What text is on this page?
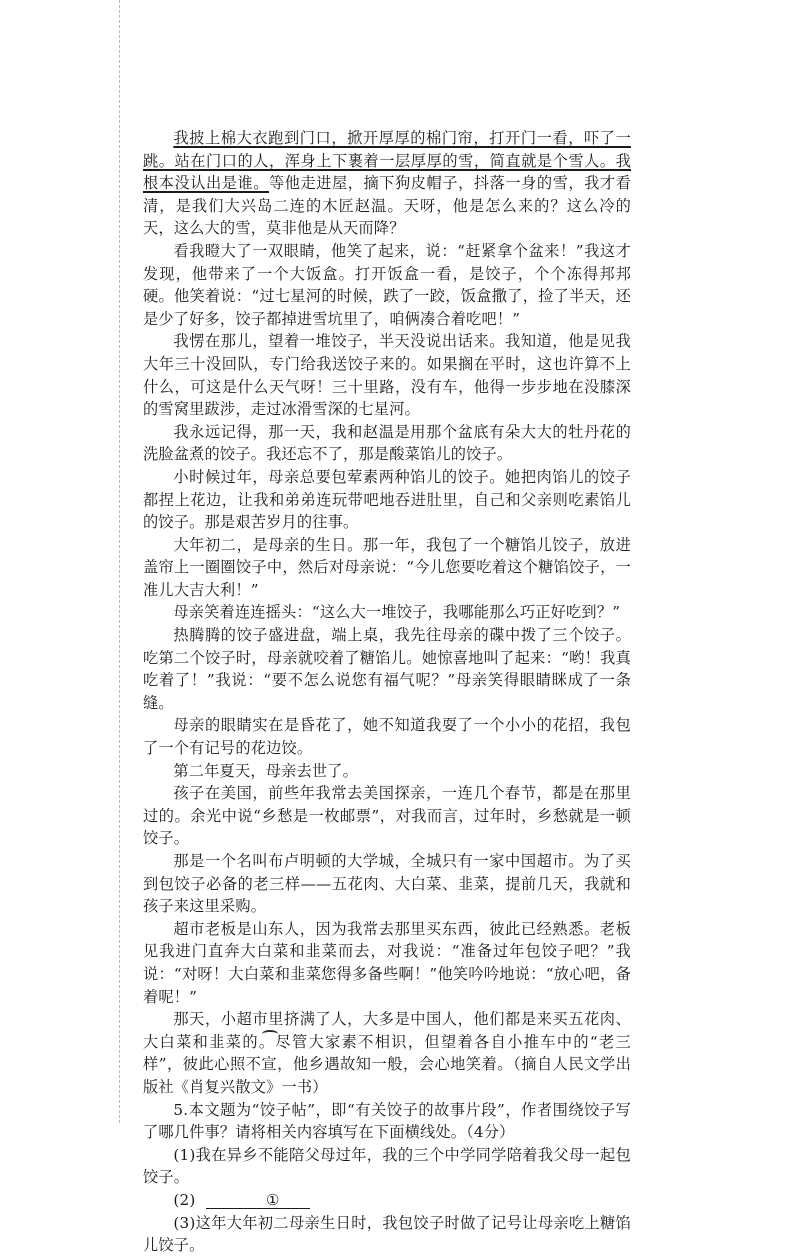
我披上棉大衣跑到门口，掀开厚厚的棉门帘，打开门一看，吓了一跳。站在门口的人，浑身上下裹着一层厚厚的雪，简直就是个雪人。我根本没认出是谁。等他走进屋，摘下狗皮帽子，抖落一身的雪，我才看清，是我们大兴岛二连的木匠赵温。天呀，他是怎么来的？这么冷的天，这么大的雪，莫非他是从天而降？

看我瞪大了一双眼睛，他笑了起来，说：“赶紧拿个盆来！”我这才发现，他带来了一个大饭盒。打开饭盒一看，是饺子，个个冻得邦邦硬。他笑着说：“过七星河的时候，跌了一跤，饭盒撒了，捡了半天，还是少了好多，饺子都掉进雪坑里了，咱俩凑合着吃吧！”

我愣在那儿，望着一堆饺子，半天没说出话来。我知道，他是见我大年三十没回队，专门给我送饺子来的。如果搁在平时，这也许算不上什么，可这是什么天气呀！三十里路，没有车，他得一步步地在没膝深的雪窝里跋涉，走过冰滑雪深的七星河。

我永远记得，那一天，我和赵温是用那个盆底有朵大大的牡丹花的洗脸盆煮的饺子。我还忘不了，那是酸菜馅儿的饺子。

小时候过年，母亲总要包荤素两种馅儿的饺子。她把肉馅儿的饺子都捏上花边，让我和弟弟连玩带吧地吞进肚里，自己和父亲则吃素馅儿的饺子。那是艰苦岁月的往事。

大年初二，是母亲的生日。那一年，我包了一个糖馅儿饺子，放进盖帘上一圈圈饺子中，然后对母亲说：“今儿您要吃着这个糖馅饺子，一准儿大吉大利！”

母亲笑着连连摇头：“这么大一堆饺子，我哪能那么巧正好吃到？”

热腾腾的饺子盛进盘，端上桌，我先往母亲的碟中拨了三个饺子。吃第二个饺子时，母亲就咬着了糖馅儿。她惊喜地叫了起来：“哟！我真吃着了！”我说：“要不怎么说您有福气呢？”母亲笑得眼睛眯成了一条缝。

母亲的眼睛实在是昏花了，她不知道我耍了一个小小的花招，我包了一个有记号的花边饺。

第二年夏天，母亲去世了。

孩子在美国，前些年我常去美国探亲，一连几个春节，都是在那里过的。余光中说“乡愁是一枚邮票”，对我而言，过年时，乡愁就是一顿饺子。

那是一个名叫布卢明顿的大学城，全城只有一家中国超市。为了买到包饺子必备的老三样——五花肉、大白菜、韭菜，提前几天，我就和孩子来这里采购。

超市老板是山东人，因为我常去那里买东西，彼此已经熟悉。老板见我进门直奔大白菜和韭菜而去，对我说：“准备过年包饺子吧？”我说：“对呀！大白菜和韭菜您得多备些啊！”他笑吟吟地说：“放心吧，备着呢！”

那天，小超市里挤满了人，大多是中国人，他们都是来买五花肉、大白菜和韭菜的。尽管大家素不相识，但望着各自小推车中的“老三样”，彼此心照不宣，他乡遇故知一般，会心地笑着。（摘自人民文学出版社《肖复兴散文》一书）

5.本文题为“饺子帖”，即“有关饺子的故事片段”，作者围绕饺子写了哪几件事？请将相关内容填写在下面横线处。（4分）

(1)我在异乡不能陪父母过年，我的三个中学同学陪着我父母一起包饺子。

(2)	①

(3)这年大年初二母亲生日时，我包饺子时做了记号让母亲吃上糖馅儿饺子。
